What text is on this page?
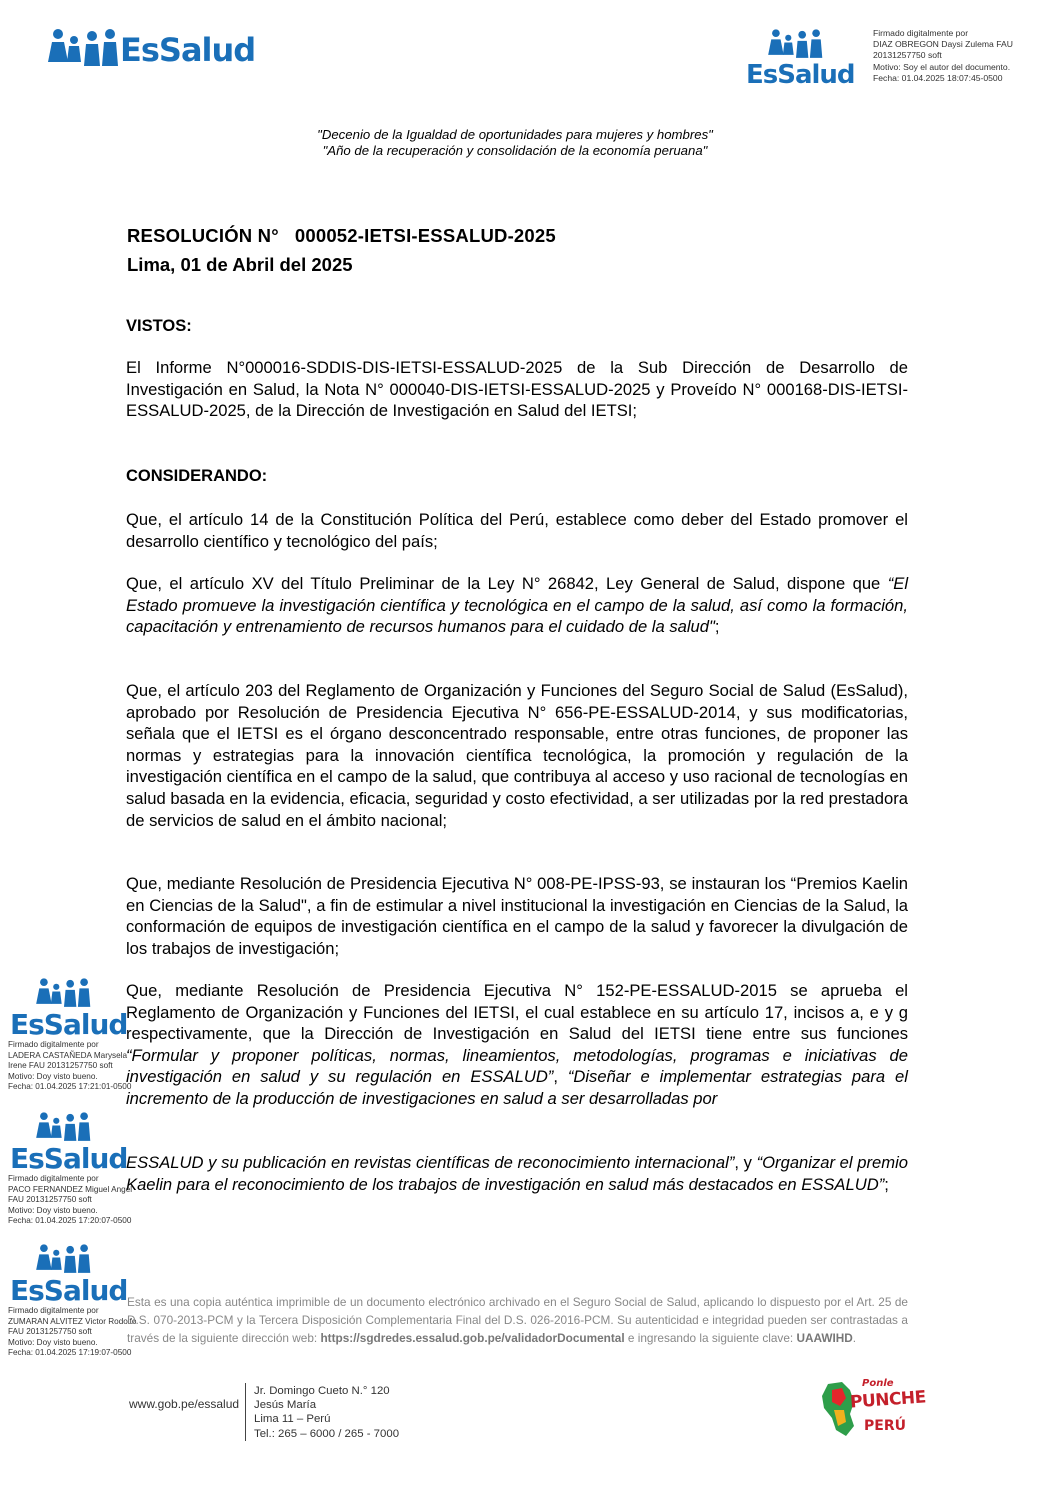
EsSalud
EsSalud
Firmado digitalmente por
DIAZ OBREGON Daysi Zulema FAU
20131257750 soft
Motivo: Soy el autor del documento.
Fecha: 01.04.2025 18:07:45-0500
"Decenio de la Igualdad de oportunidades para mujeres y hombres"
"Año de la recuperación y consolidación de la economía peruana"
RESOLUCIÓN N°   000052-IETSI-ESSALUD-2025
Lima, 01 de Abril del 2025
VISTOS:
El Informe N°000016-SDDIS-DIS-IETSI-ESSALUD-2025 de la Sub Dirección de Desarrollo de Investigación en Salud, la Nota N° 000040-DIS-IETSI-ESSALUD-2025 y Proveído N° 000168-DIS-IETSI-ESSALUD-2025, de la Dirección de Investigación en Salud del IETSI;
CONSIDERANDO:
Que, el artículo 14 de la Constitución Política del Perú, establece como deber del Estado promover el desarrollo científico y tecnológico del país;
Que, el artículo XV del Título Preliminar de la Ley N° 26842, Ley General de Salud, dispone que “El Estado promueve la investigación científica y tecnológica en el campo de la salud, así como la formación, capacitación y entrenamiento de recursos humanos para el cuidado de la salud";
Que, el artículo 203 del Reglamento de Organización y Funciones del Seguro Social de Salud (EsSalud), aprobado por Resolución de Presidencia Ejecutiva N° 656-PE-ESSALUD-2014, y sus modificatorias, señala que el IETSI es el órgano desconcentrado responsable, entre otras funciones, de proponer las normas y estrategias para la innovación científica tecnológica, la promoción y regulación de la investigación científica en el campo de la salud, que contribuya al acceso y uso racional de tecnologías en salud basada en la evidencia, eficacia, seguridad y costo efectividad, a ser utilizadas por la red prestadora de servicios de salud en el ámbito nacional;
Que, mediante Resolución de Presidencia Ejecutiva N° 008-PE-IPSS-93, se instauran los “Premios Kaelin en Ciencias de la Salud", a fin de estimular a nivel institucional la investigación en Ciencias de la Salud, la conformación de equipos de investigación científica en el campo de la salud y favorecer la divulgación de los trabajos de investigación;
Que, mediante Resolución de Presidencia Ejecutiva N° 152-PE-ESSALUD-2015 se aprueba el Reglamento de Organización y Funciones del IETSI, el cual establece en su artículo 17, incisos a, e y g respectivamente, que la Dirección de Investigación en Salud del IETSI tiene entre sus funciones “Formular y proponer políticas, normas, lineamientos, metodologías, programas e iniciativas de investigación en salud y su regulación en ESSALUD”, “Diseñar e implementar estrategias para el incremento de la producción de investigaciones en salud a ser desarrolladas por
ESSALUD y su publicación en revistas científicas de reconocimiento internacional”, y “Organizar el premio Kaelin para el reconocimiento de los trabajos de investigación en salud más destacados en ESSALUD”;
EsSalud
Firmado digitalmente por
LADERA CASTAÑEDA Marysela
Irene FAU 20131257750 soft
Motivo: Doy visto bueno.
Fecha: 01.04.2025 17:21:01-0500
EsSalud
Firmado digitalmente por
PACO FERNANDEZ Miguel Angel
FAU 20131257750 soft
Motivo: Doy visto bueno.
Fecha: 01.04.2025 17:20:07-0500
EsSalud
Firmado digitalmente por
ZUMARAN ALVITEZ Victor Rodolfo
FAU 20131257750 soft
Motivo: Doy visto bueno.
Fecha: 01.04.2025 17:19:07-0500
Esta es una copia auténtica imprimible de un documento electrónico archivado en el Seguro Social de Salud, aplicando lo dispuesto por el Art. 25 de D.S. 070-2013-PCM y la Tercera Disposición Complementaria Final del D.S. 026-2016-PCM. Su autenticidad e integridad pueden ser contrastadas a través de la siguiente dirección web: https://sgdredes.essalud.gob.pe/validadorDocumental e ingresando la siguiente clave: UAAWIHD.
www.gob.pe/essalud
Jr. Domingo Cueto N.° 120
Jesús María
Lima 11 – Perú
Tel.: 265 – 6000 / 265 - 7000
Ponle
PUNCHE
PERÚ
